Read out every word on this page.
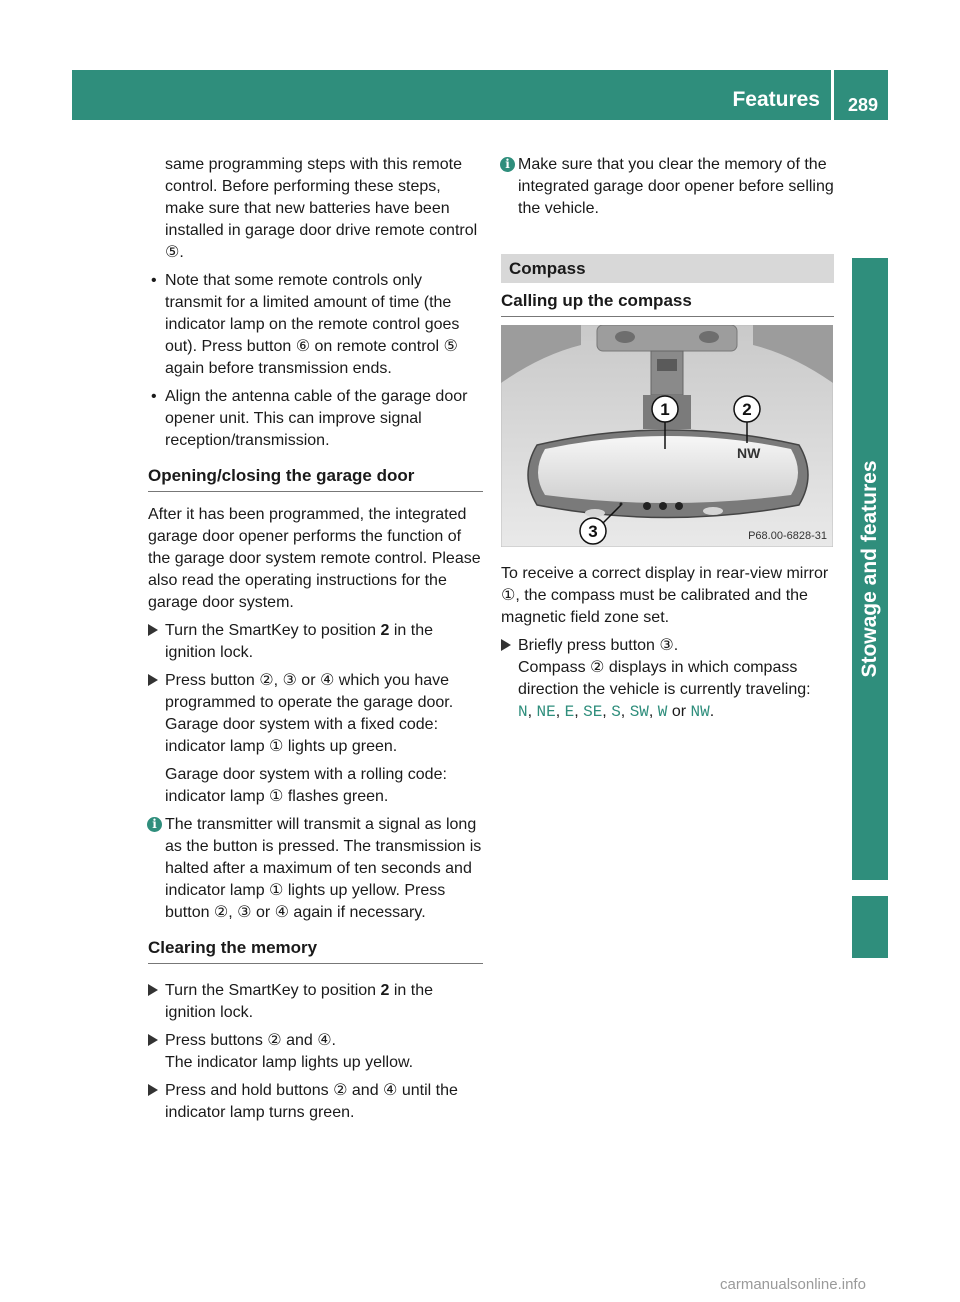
Features	289
Stowage and features

same programming steps with this remote control. Before performing these steps, make sure that new batteries have been installed in garage door drive remote control ⑤.

• Note that some remote controls only transmit for a limited amount of time (the indicator lamp on the remote control goes out). Press button ⑥ on remote control ⑤ again before transmission ends.
• Align the antenna cable of the garage door opener unit. This can improve signal reception/transmission.
Opening/closing the garage door

After it has been programmed, the integrated garage door opener performs the function of the garage door system remote control. Please also read the operating instructions for the garage door system.

Turn the SmartKey to position 2 in the ignition lock.

Press button ②, ③ or ④ which you have programmed to operate the garage door.

Garage door system with a fixed code: indicator lamp ① lights up green.

Garage door system with a rolling code: indicator lamp ① flashes green.

i The transmitter will transmit a signal as long as the button is pressed. The transmission is halted after a maximum of ten seconds and indicator lamp ① lights up yellow. Press button ②, ③ or ④ again if necessary.
Clearing the memory
Turn the SmartKey to position 2 in the ignition lock.

Press buttons ② and ④.

The indicator lamp lights up yellow.

Press and hold buttons ② and ④ until the indicator lamp turns green.
i Make sure that you clear the memory of the integrated garage door opener before selling the vehicle.
Compass
Calling up the compass
NW
1	2
3	P68.00-6828-31

To receive a correct display in rear-view mirror ①, the compass must be calibrated and the magnetic field zone set.

Briefly press button ③.

Compass ② displays in which compass direction the vehicle is currently traveling:

N, NE, E, SE, S, SW, W or NW.

carmanualsonline.info
